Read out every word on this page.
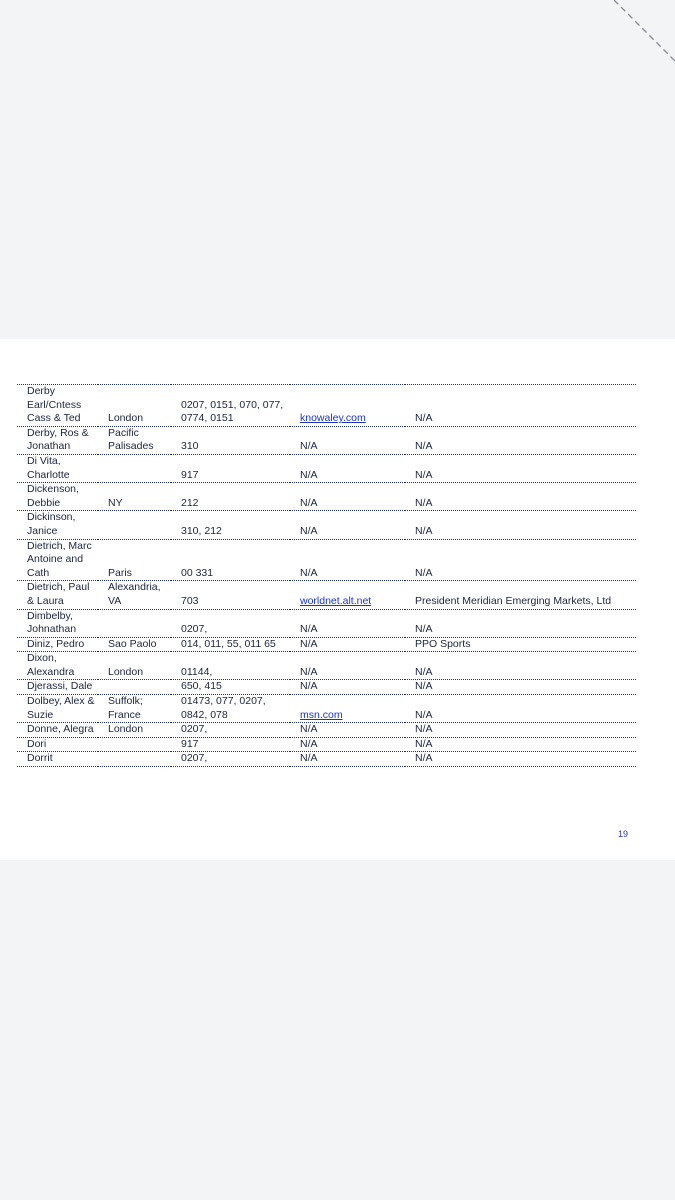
Derby Earl/Cntess Cass & Ted	London	0207, 0151, 070, 077, 0774, 0151	knowaley.com	N/A
Derby, Ros & Jonathan	Pacific Palisades	310	N/A	N/A
Di Vita, Charlotte		917	N/A	N/A
Dickenson, Debbie	NY	212	N/A	N/A
Dickinson, Janice		310, 212	N/A	N/A
Dietrich, Marc Antoine and Cath	Paris	00 331	N/A	N/A
Dietrich, Paul & Laura	Alexandria, VA	703	worldnet.alt.net	President Meridian Emerging Markets, Ltd
Dimbelby, Johnathan		0207,	N/A	N/A
Diniz, Pedro	Sao Paolo	014, 011, 55, 011 65	N/A	PPO Sports
Dixon, Alexandra	London	01144,	N/A	N/A
Djerassi, Dale		650, 415	N/A	N/A
Dolbey, Alex & Suzie	Suffolk; France	01473, 077, 0207, 0842, 078	msn.com	N/A
Donne, Alegra	London	0207,	N/A	N/A
Dori		917	N/A	N/A
Dorrit		0207,	N/A	N/A
19
